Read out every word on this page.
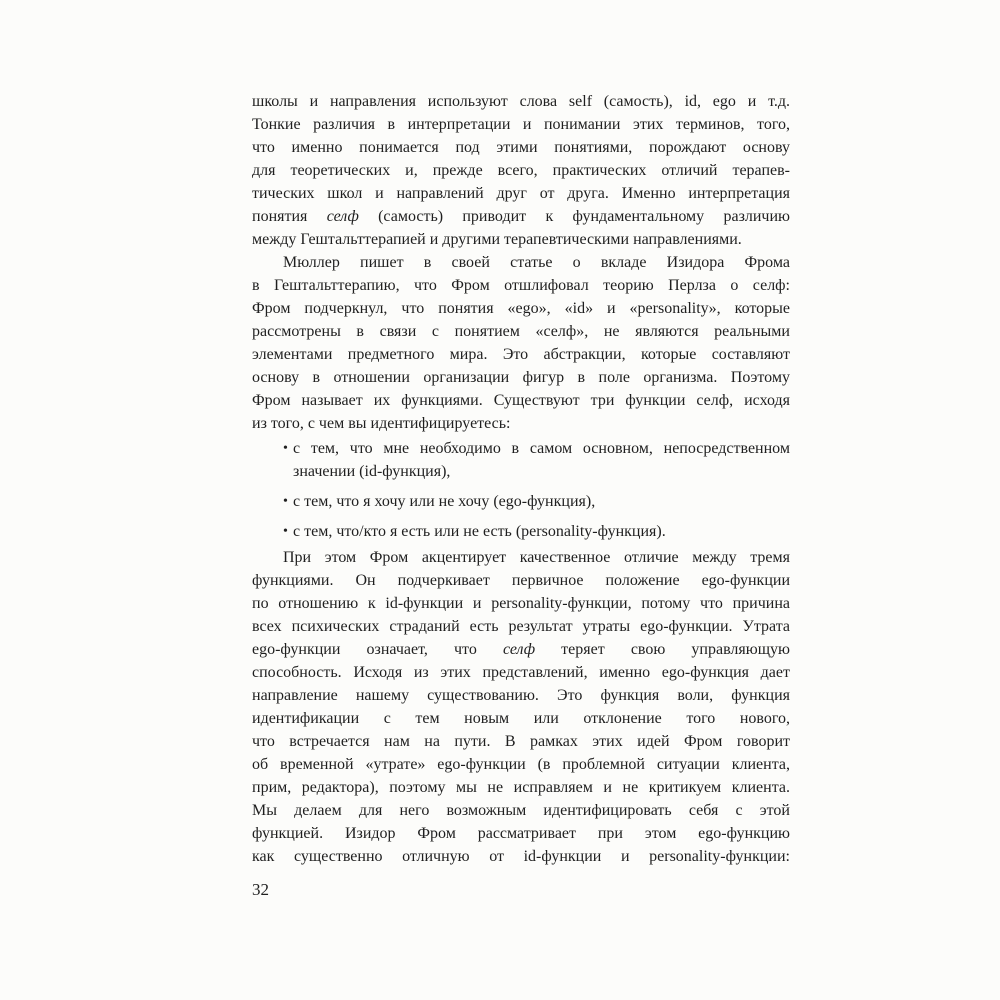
школы и направления используют слова self (самость), id, ego и т.д.
Тонкие различия в интерпретации и понимании этих терминов, того,
что именно понимается под этими понятиями, порождают основу
для теоретических и, прежде всего, практических отличий терапев-
тических школ и направлений друг от друга. Именно интерпретация
понятия селф (самость) приводит к фундаментальному различию
между Гештальттерапией и другими терапевтическими направлениями.
Мюллер пишет в своей статье о вкладе Изидора Фрома
в Гештальттерапию, что Фром отшлифовал теорию Перлза о селф:
Фром подчеркнул, что понятия «ego», «id» и «personality», которые
рассмотрены в связи с понятием «селф», не являются реальными
элементами предметного мира. Это абстракции, которые составляют
основу в отношении организации фигур в поле организма. Поэтому
Фром называет их функциями. Существуют три функции селф, исходя
из того, с чем вы идентифицируетесь:
• с тем, что мне необходимо в самом основном, непосредственном
значении (id-функция),
• с тем, что я хочу или не хочу (ego-функция),
• с тем, что/кто я есть или не есть (personality-функция).
При этом Фром акцентирует качественное отличие между тремя
функциями. Он подчеркивает первичное положение ego-функции
по отношению к id-функции и personality-функции, потому что причина
всех психических страданий есть результат утраты ego-функции. Утрата
ego-функции означает, что селф теряет свою управляющую
способность. Исходя из этих представлений, именно ego-функция дает
направление нашему существованию. Это функция воли, функция
идентификации с тем новым или отклонение того нового,
что встречается нам на пути. В рамках этих идей Фром говорит
об временной «утрате» ego-функции (в проблемной ситуации клиента,
прим, редактора), поэтому мы не исправляем и не критикуем клиента.
Мы делаем для него возможным идентифицировать себя с этой
функцией. Изидор Фром рассматривает при этом ego-функцию
как существенно отличную от id-функции и personality-функции:
32
